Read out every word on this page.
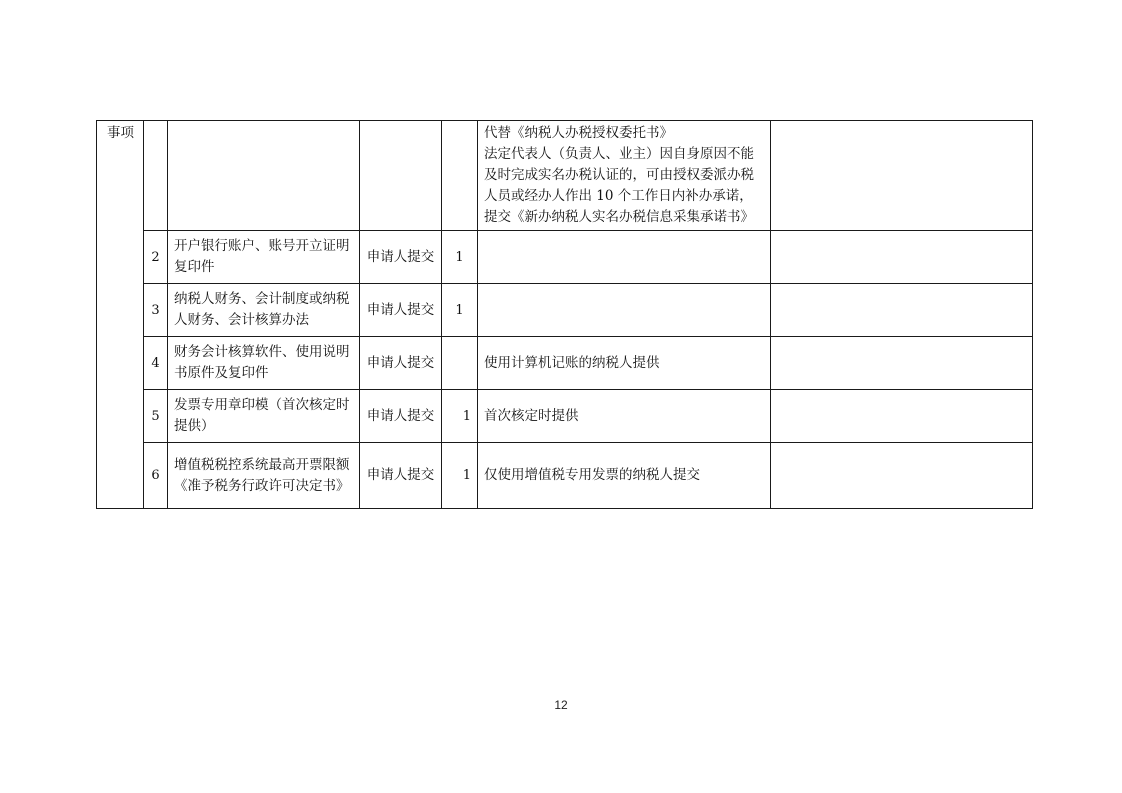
事项					代替《纳税人办税授权委托书》
法定代表人（负责人、业主）因自身原因不能
及时完成实名办税认证的，可由授权委派办税
人员或经办人作出 10 个工作日内补办承诺，
提交《新办纳税人实名办税信息采集承诺书》	

	2	开户银行账户、账号开立证明复印件	申请人提交	1		
	3	纳税人财务、会计制度或纳税人财务、会计核算办法	申请人提交	1		
	4	财务会计核算软件、使用说明书原件及复印件	申请人提交		使用计算机记账的纳税人提供	
	5	发票专用章印模（首次核定时提供）	申请人提交	1	首次核定时提供	
	6	增值税税控系统最高开票限额《准予税务行政许可决定书》	申请人提交	1	仅使用增值税专用发票的纳税人提交	
12
